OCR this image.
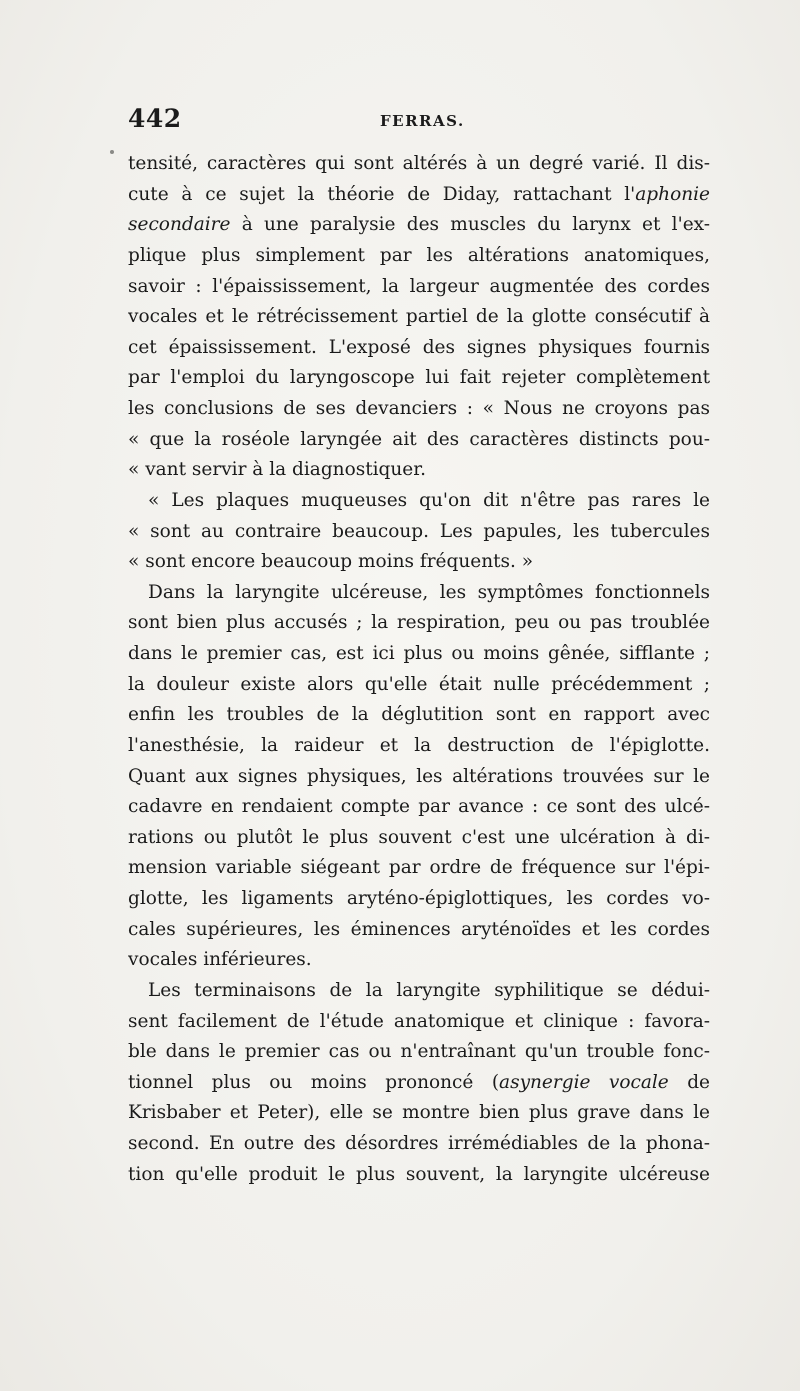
442	FERRAS.
tensité, caractères qui sont altérés à un degré varié. Il dis-
cute à ce sujet la théorie de Diday, rattachant l'aphonie
secondaire à une paralysie des muscles du larynx et l'ex-
plique plus simplement par les altérations anatomiques,
savoir : l'épaississement, la largeur augmentée des cordes
vocales et le rétrécissement partiel de la glotte consécutif à
cet épaississement. L'exposé des signes physiques fournis
par l'emploi du laryngoscope lui fait rejeter complètement
les conclusions de ses devanciers : « Nous ne croyons pas
« que la roséole laryngée ait des caractères distincts pou-
« vant servir à la diagnostiquer.
« Les plaques muqueuses qu'on dit n'être pas rares le
« sont au contraire beaucoup. Les papules, les tubercules
« sont encore beaucoup moins fréquents. »
Dans la laryngite ulcéreuse, les symptômes fonctionnels
sont bien plus accusés ; la respiration, peu ou pas troublée
dans le premier cas, est ici plus ou moins gênée, sifflante ;
la douleur existe alors qu'elle était nulle précédemment ;
enfin les troubles de la déglutition sont en rapport avec
l'anesthésie, la raideur et la destruction de l'épiglotte.
Quant aux signes physiques, les altérations trouvées sur le
cadavre en rendaient compte par avance : ce sont des ulcé-
rations ou plutôt le plus souvent c'est une ulcération à di-
mension variable siégeant par ordre de fréquence sur l'épi-
glotte, les ligaments aryténo-épiglottiques, les cordes vo-
cales supérieures, les éminences aryténoïdes et les cordes
vocales inférieures.
Les terminaisons de la laryngite syphilitique se dédui-
sent facilement de l'étude anatomique et clinique : favora-
ble dans le premier cas ou n'entraînant qu'un trouble fonc-
tionnel plus ou moins prononcé (asynergie vocale de
Krisbaber et Peter), elle se montre bien plus grave dans le
second. En outre des désordres irrémédiables de la phona-
tion qu'elle produit le plus souvent, la laryngite ulcéreuse
